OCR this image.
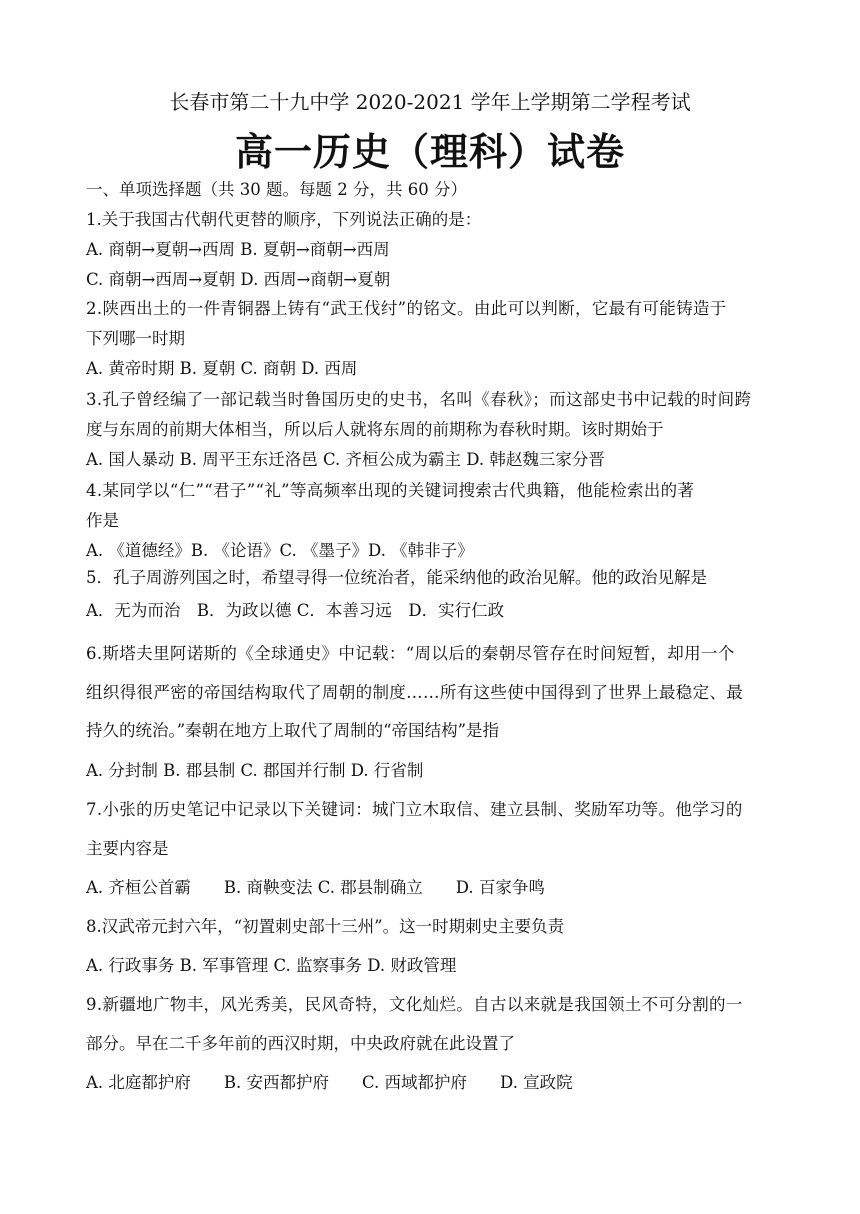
长春市第二十九中学 2020-2021 学年上学期第二学程考试
高一历史（理科）试卷
一、单项选择题（共 30 题。每题 2 分，共 60 分）
1.关于我国古代朝代更替的顺序，下列说法正确的是：
A. 商朝→夏朝→西周 B. 夏朝→商朝→西周
C. 商朝→西周→夏朝 D. 西周→商朝→夏朝
2.陕西出土的一件青铜器上铸有“武王伐纣”的铭文。由此可以判断，它最有可能铸造于
下列哪一时期
A. 黄帝时期 B. 夏朝 C. 商朝 D. 西周
3.孔子曾经编了一部记载当时鲁国历史的史书，名叫《春秋》；而这部史书中记载的时间跨
度与东周的前期大体相当，所以后人就将东周的前期称为春秋时期。该时期始于
A. 国人暴动 B. 周平王东迁洛邑 C. 齐桓公成为霸主 D. 韩赵魏三家分晋
4.某同学以“仁”“君子”“礼”等高频率出现的关键词搜索古代典籍，他能检索出的著
作是
A. 《道德经》B. 《论语》C. 《墨子》D. 《韩非子》
5．孔子周游列国之时，希望寻得一位统治者，能采纳他的政治见解。他的政治见解是
A．无为而治　B．为政以德 C．本善习远　D．实行仁政
6.斯塔夫里阿诺斯的《全球通史》中记载：“周以后的秦朝尽管存在时间短暂，却用一个
组织得很严密的帝国结构取代了周朝的制度……所有这些使中国得到了世界上最稳定、最
持久的统治。”秦朝在地方上取代了周制的“帝国结构”是指
A. 分封制 B. 郡县制 C. 郡国并行制 D. 行省制
7.小张的历史笔记中记录以下关键词：城门立木取信、建立县制、奖励军功等。他学习的
主要内容是
A. 齐桓公首霸　　B. 商鞅变法 C. 郡县制确立　　D. 百家争鸣
8.汉武帝元封六年，“初置刺史部十三州”。这一时期刺史主要负责
A. 行政事务 B. 军事管理 C. 监察事务 D. 财政管理
9.新疆地广物丰，风光秀美，民风奇特，文化灿烂。自古以来就是我国领土不可分割的一
部分。早在二千多年前的西汉时期，中央政府就在此设置了
A. 北庭都护府　　B. 安西都护府　　C. 西域都护府　　D. 宣政院
